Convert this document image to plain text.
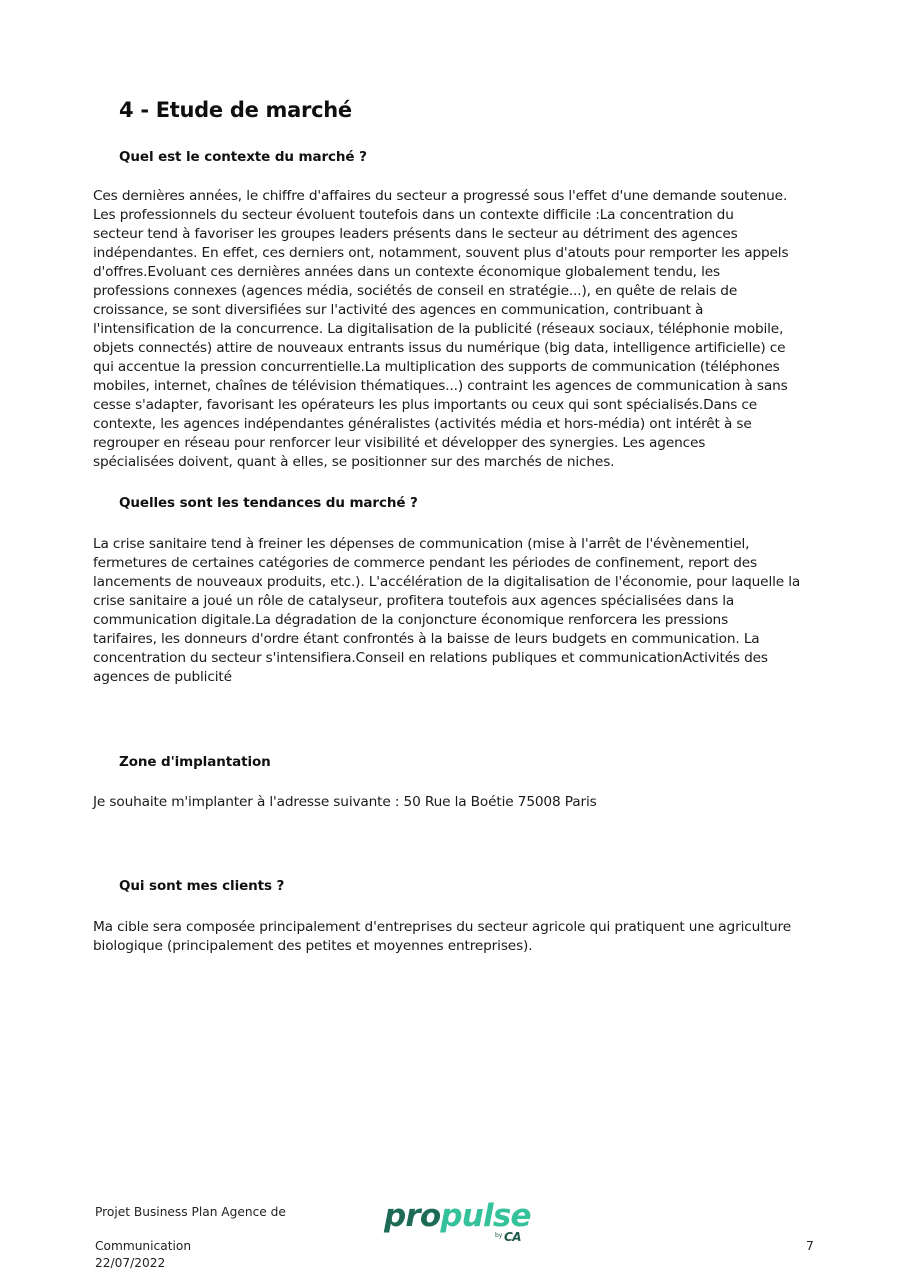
4 - Etude de marché
Quel est le contexte du marché ?
Ces dernières années, le chiffre d'affaires du secteur a progressé sous l'effet d'une demande soutenue.
Les professionnels du secteur évoluent toutefois dans un contexte difficile :La concentration du
secteur tend à favoriser les groupes leaders présents dans le secteur au détriment des agences
indépendantes. En effet, ces derniers ont, notamment, souvent plus d'atouts pour remporter les appels
d'offres.Evoluant ces dernières années dans un contexte économique globalement tendu, les
professions connexes (agences média, sociétés de conseil en stratégie...), en quête de relais de
croissance, se sont diversifiées sur l'activité des agences en communication, contribuant à
l'intensification de la concurrence. La digitalisation de la publicité (réseaux sociaux, téléphonie mobile,
objets connectés) attire de nouveaux entrants issus du numérique (big data, intelligence artificielle) ce
qui accentue la pression concurrentielle.La multiplication des supports de communication (téléphones
mobiles, internet, chaînes de télévision thématiques...) contraint les agences de communication à sans
cesse s'adapter, favorisant les opérateurs les plus importants ou ceux qui sont spécialisés.Dans ce
contexte, les agences indépendantes généralistes (activités média et hors-média) ont intérêt à se
regrouper en réseau pour renforcer leur visibilité et développer des synergies. Les agences
spécialisées doivent, quant à elles, se positionner sur des marchés de niches.
Quelles sont les tendances du marché ?
La crise sanitaire tend à freiner les dépenses de communication (mise à l'arrêt de l'évènementiel,
fermetures de certaines catégories de commerce pendant les périodes de confinement, report des
lancements de nouveaux produits, etc.). L'accélération de la digitalisation de l'économie, pour laquelle la
crise sanitaire a joué un rôle de catalyseur, profitera toutefois aux agences spécialisées dans la
communication digitale.La dégradation de la conjoncture économique renforcera les pressions
tarifaires, les donneurs d'ordre étant confrontés à la baisse de leurs budgets en communication. La
concentration du secteur s'intensifiera.Conseil en relations publiques et communicationActivités des
agences de publicité
Zone d'implantation
Je souhaite m'implanter à l'adresse suivante : 50 Rue la Boétie 75008 Paris
Qui sont mes clients ?
Ma cible sera composée principalement d'entreprises du secteur agricole qui pratiquent une agriculture
biologique (principalement des petites et moyennes entreprises).
Projet Business Plan Agence de
Communication
22/07/2022
propulse
by CA
7
